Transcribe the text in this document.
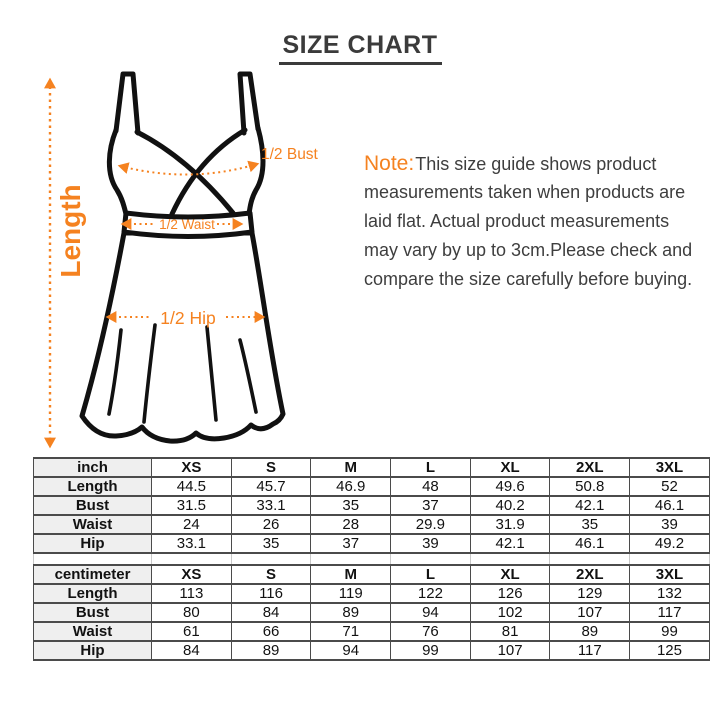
SIZE CHART
Length
1/2 Bust
1/2 Waist
1/2 Hip
Note:This size guide shows product
measurements taken when products are
laid flat. Actual product measurements
may vary by up to 3cm.Please check and
compare the size carefully before buying.
inch	XS	S	M	L	XL	2XL	3XL
Length	44.5	45.7	46.9	48	49.6	50.8	52
Bust	31.5	33.1	35	37	40.2	42.1	46.1
Waist	24	26	28	29.9	31.9	35	39
Hip	33.1	35	37	39	42.1	46.1	49.2

centimeter	XS	S	M	L	XL	2XL	3XL
Length	113	116	119	122	126	129	132
Bust	80	84	89	94	102	107	117
Waist	61	66	71	76	81	89	99
Hip	84	89	94	99	107	117	125
